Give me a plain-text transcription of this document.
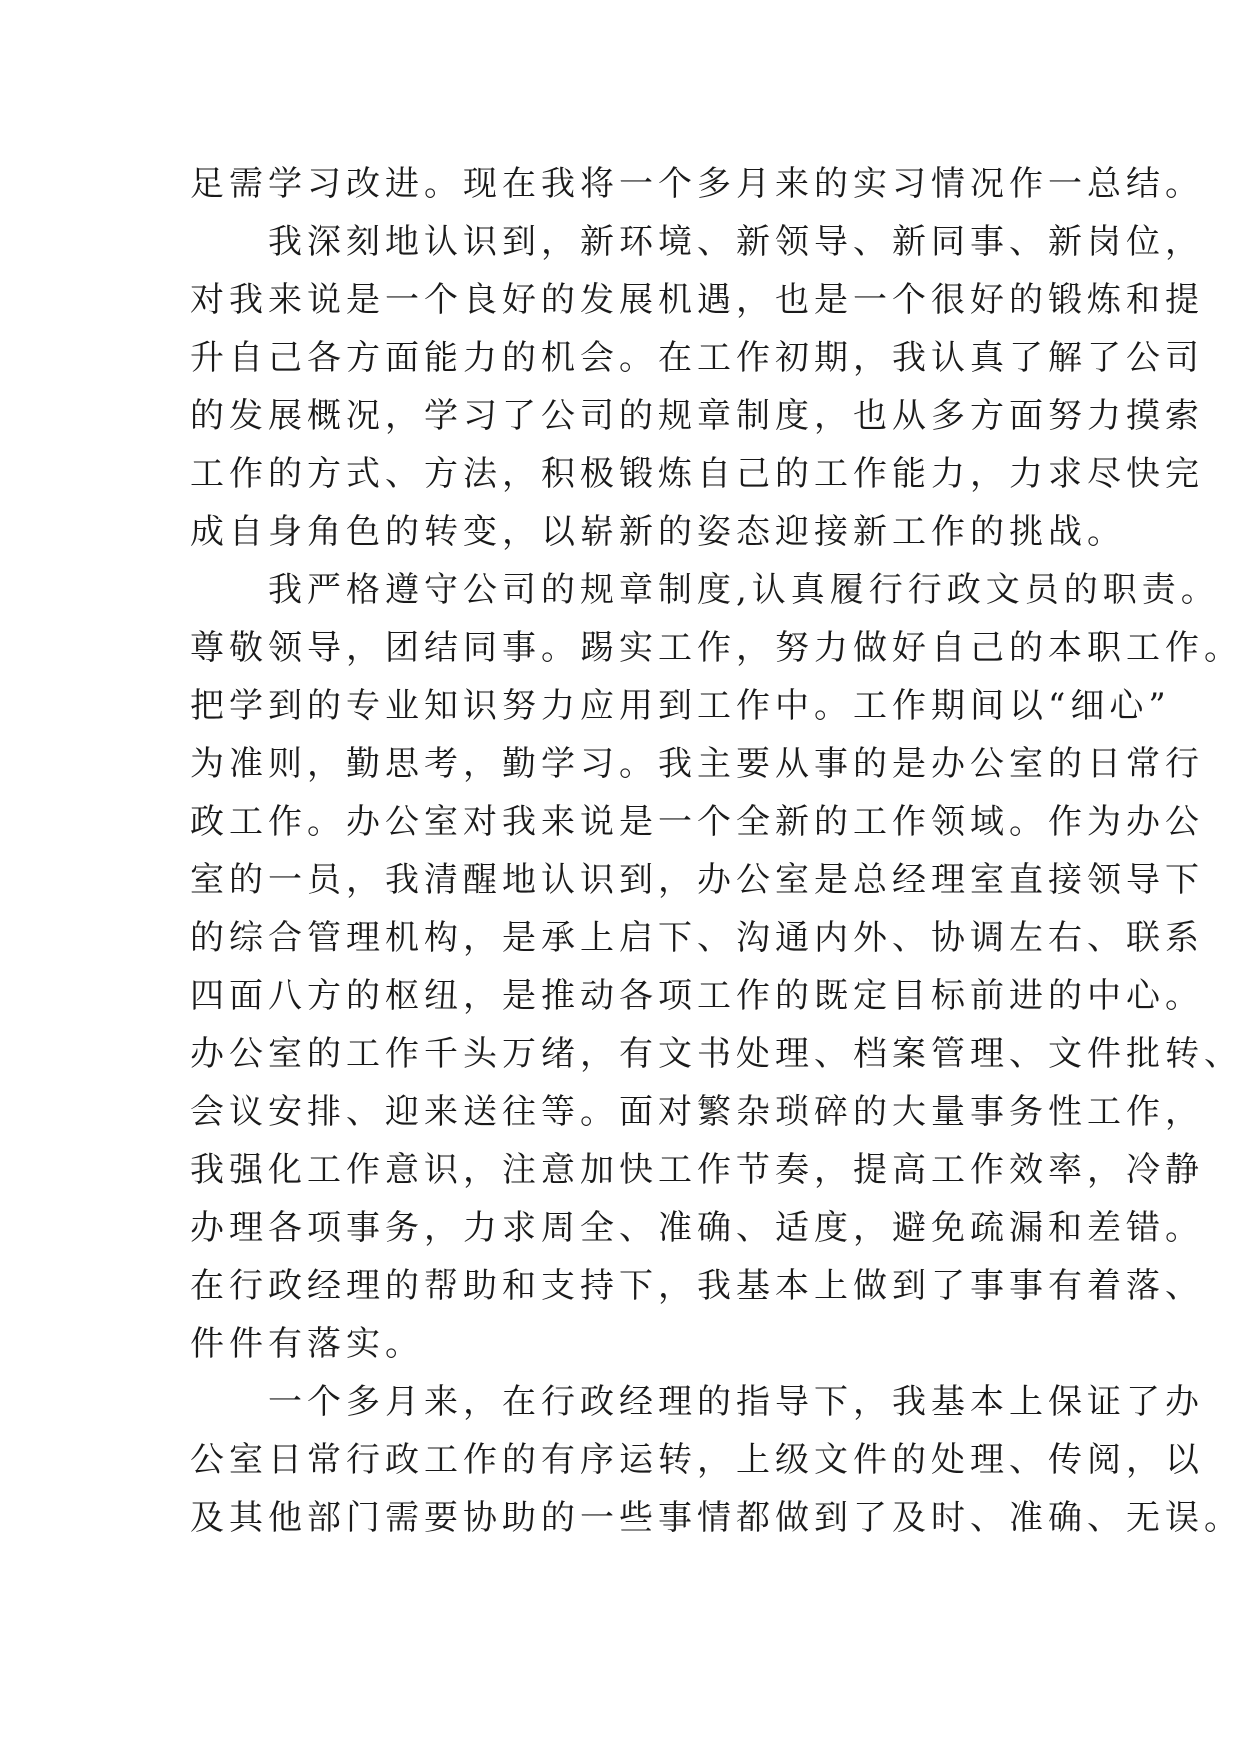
足需学习改进。现在我将一个多月来的实习情况作一总结。
　　我深刻地认识到，新环境、新领导、新同事、新岗位，
对我来说是一个良好的发展机遇，也是一个很好的锻炼和提
升自己各方面能力的机会。在工作初期，我认真了解了公司
的发展概况，学习了公司的规章制度，也从多方面努力摸索
工作的方式、方法，积极锻炼自己的工作能力，力求尽快完
成自身角色的转变，以崭新的姿态迎接新工作的挑战。
　　我严格遵守公司的规章制度,认真履行行政文员的职责。
尊敬领导，团结同事。踢实工作，努力做好自己的本职工作。
把学到的专业知识努力应用到工作中。工作期间以“细心”
为准则，勤思考，勤学习。我主要从事的是办公室的日常行
政工作。办公室对我来说是一个全新的工作领域。作为办公
室的一员，我清醒地认识到，办公室是总经理室直接领导下
的综合管理机构，是承上启下、沟通内外、协调左右、联系
四面八方的枢纽，是推动各项工作的既定目标前进的中心。
办公室的工作千头万绪，有文书处理、档案管理、文件批转、
会议安排、迎来送往等。面对繁杂琐碎的大量事务性工作，
我强化工作意识，注意加快工作节奏，提高工作效率，冷静
办理各项事务，力求周全、准确、适度，避免疏漏和差错。
在行政经理的帮助和支持下，我基本上做到了事事有着落、
件件有落实。
　　一个多月来，在行政经理的指导下，我基本上保证了办
公室日常行政工作的有序运转，上级文件的处理、传阅，以
及其他部门需要协助的一些事情都做到了及时、准确、无误。
